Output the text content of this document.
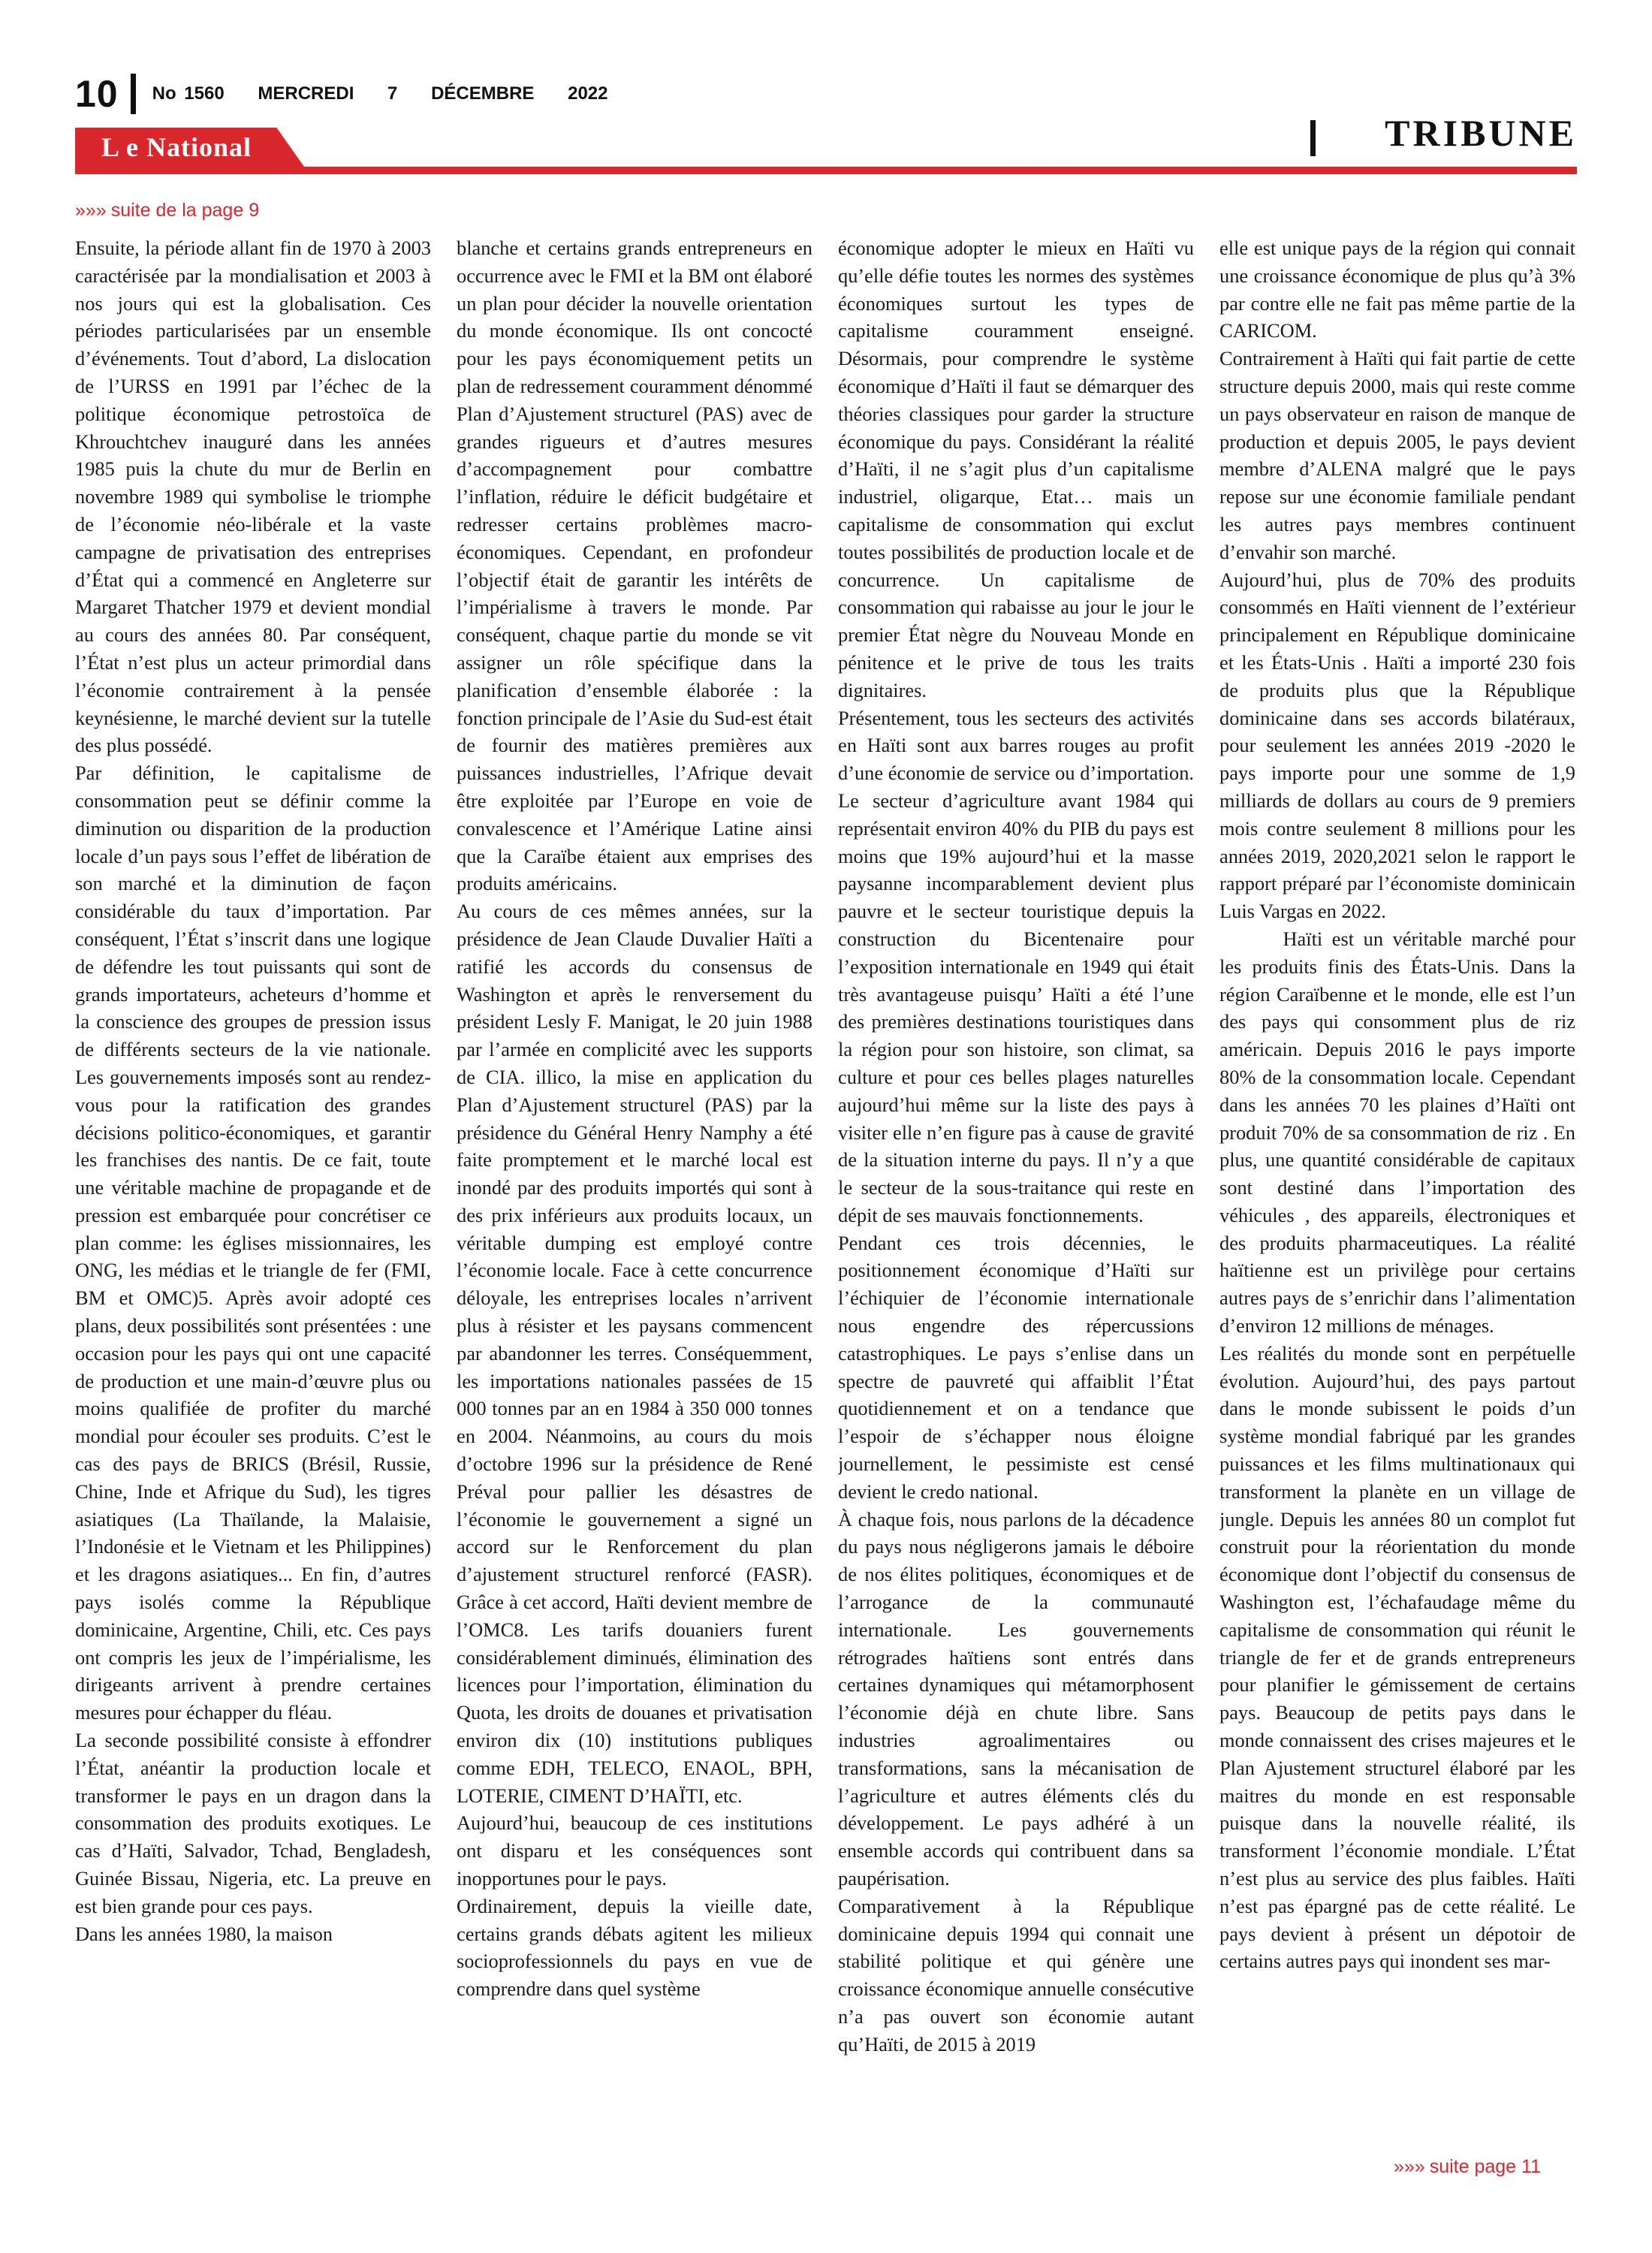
10 No 1560 MERCREDI 7 DÉCEMBRE 2022
L e National	TRIBUNE
»»» suite de la page 9

Ensuite, la période allant fin de 1970 à 2003 caractérisée par la mondialisation et 2003 à nos jours qui est la globalisation. Ces périodes particularisées par un ensemble d’événements. Tout d’abord, La dislocation de l’URSS en 1991 par l’échec de la politique économique petrostoïca de Khrouchtchev inauguré dans les années 1985 puis la chute du mur de Berlin en novembre 1989 qui symbolise le triomphe de l’économie néo-libérale et la vaste campagne de privatisation des entreprises d’État qui a commencé en Angleterre sur Margaret Thatcher 1979 et devient mondial au cours des années 80. Par conséquent, l’État n’est plus un acteur primordial dans l’économie contrairement à la pensée keynésienne, le marché devient sur la tutelle des plus possédé.

Par définition, le capitalisme de consommation peut se définir comme la diminution ou disparition de la production locale d’un pays sous l’effet de libération de son marché et la diminution de façon considérable du taux d’importation. Par conséquent, l’État s’inscrit dans une logique de défendre les tout puissants qui sont de grands importateurs, acheteurs d’homme et la conscience des groupes de pression issus de différents secteurs de la vie nationale. Les gouvernements imposés sont au rendez-vous pour la ratification des grandes décisions politico-économiques, et garantir les franchises des nantis. De ce fait, toute une véritable machine de propagande et de pression est embarquée pour concrétiser ce plan comme: les églises missionnaires, les ONG, les médias et le triangle de fer (FMI, BM et OMC)5. Après avoir adopté ces plans, deux possibilités sont présentées : une occasion pour les pays qui ont une capacité de production et une main-d’œuvre plus ou moins qualifiée de profiter du marché mondial pour écouler ses produits. C’est le cas des pays de BRICS (Brésil, Russie, Chine, Inde et Afrique du Sud), les tigres asiatiques (La Thaïlande, la Malaisie, l’Indonésie et le Vietnam et les Philippines) et les dragons asiatiques... En fin, d’autres pays isolés comme la République dominicaine, Argentine, Chili, etc. Ces pays ont compris les jeux de l’impérialisme, les dirigeants arrivent à prendre certaines mesures pour échapper du fléau.

La seconde possibilité consiste à effondrer l’État, anéantir la production locale et transformer le pays en un dragon dans la consommation des produits exotiques. Le cas d’Haïti, Salvador, Tchad, Bengladesh, Guinée Bissau, Nigeria, etc. La preuve en est bien grande pour ces pays.

Dans les années 1980, la maison

blanche et certains grands entrepreneurs en occurrence avec le FMI et la BM ont élaboré un plan pour décider la nouvelle orientation du monde économique. Ils ont concocté pour les pays économiquement petits un plan de redressement couramment dénommé Plan d’Ajustement structurel (PAS) avec de grandes rigueurs et d’autres mesures d’accompagnement pour combattre l’inflation, réduire le déficit budgétaire et redresser certains problèmes macro-économiques. Cependant, en profondeur l’objectif était de garantir les intérêts de l’impérialisme à travers le monde. Par conséquent, chaque partie du monde se vit assigner un rôle spécifique dans la planification d’ensemble élaborée : la fonction principale de l’Asie du Sud-est était de fournir des matières premières aux puissances industrielles, l’Afrique devait être exploitée par l’Europe en voie de convalescence et l’Amérique Latine ainsi que la Caraïbe étaient aux emprises des produits américains.

Au cours de ces mêmes années, sur la présidence de Jean Claude Duvalier Haïti a ratifié les accords du consensus de Washington et après le renversement du président Lesly F. Manigat, le 20 juin 1988 par l’armée en complicité avec les supports de CIA. illico, la mise en application du Plan d’Ajustement structurel (PAS) par la présidence du Général Henry Namphy a été faite promptement et le marché local est inondé par des produits importés qui sont à des prix inférieurs aux produits locaux, un véritable dumping est employé contre l’économie locale. Face à cette concurrence déloyale, les entreprises locales n’arrivent plus à résister et les paysans commencent par abandonner les terres. Conséquemment, les importations nationales passées de 15 000 tonnes par an en 1984 à 350 000 tonnes en 2004. Néanmoins, au cours du mois d’octobre 1996 sur la présidence de René Préval pour pallier les désastres de l’économie le gouvernement a signé un accord sur le Renforcement du plan d’ajustement structurel renforcé (FASR). Grâce à cet accord, Haïti devient membre de l’OMC8. Les tarifs douaniers furent considérablement diminués, élimination des licences pour l’importation, élimination du Quota, les droits de douanes et privatisation environ dix (10) institutions publiques comme EDH, TELECO, ENAOL, BPH, LOTERIE, CIMENT D’HAÏTI, etc.

Aujourd’hui, beaucoup de ces institutions ont disparu et les conséquences sont inopportunes pour le pays.

Ordinairement, depuis la vieille date, certains grands débats agitent les milieux socioprofessionnels du pays en vue de comprendre dans quel système

économique adopter le mieux en Haïti vu qu’elle défie toutes les normes des systèmes économiques surtout les types de capitalisme couramment enseigné. Désormais, pour comprendre le système économique d’Haïti il faut se démarquer des théories classiques pour garder la structure économique du pays. Considérant la réalité d’Haïti, il ne s’agit plus d’un capitalisme industriel, oligarque, Etat… mais un capitalisme de consommation qui exclut toutes possibilités de production locale et de concurrence. Un capitalisme de consommation qui rabaisse au jour le jour le premier État nègre du Nouveau Monde en pénitence et le prive de tous les traits dignitaires.

Présentement, tous les secteurs des activités en Haïti sont aux barres rouges au profit d’une économie de service ou d’importation. Le secteur d’agriculture avant 1984 qui représentait environ 40% du PIB du pays est moins que 19% aujourd’hui et la masse paysanne incomparablement devient plus pauvre et le secteur touristique depuis la construction du Bicentenaire pour l’exposition internationale en 1949 qui était très avantageuse puisqu’ Haïti a été l’une des premières destinations touristiques dans la région pour son histoire, son climat, sa culture et pour ces belles plages naturelles aujourd’hui même sur la liste des pays à visiter elle n’en figure pas à cause de gravité de la situation interne du pays. Il n’y a que le secteur de la sous-traitance qui reste en dépit de ses mauvais fonctionnements.

Pendant ces trois décennies, le positionnement économique d’Haïti sur l’échiquier de l’économie internationale nous engendre des répercussions catastrophiques. Le pays s’enlise dans un spectre de pauvreté qui affaiblit l’État quotidiennement et on a tendance que l’espoir de s’échapper nous éloigne journellement, le pessimiste est censé devient le credo national.

À chaque fois, nous parlons de la décadence du pays nous négligerons jamais le déboire de nos élites politiques, économiques et de l’arrogance de la communauté internationale. Les gouvernements rétrogrades haïtiens sont entrés dans certaines dynamiques qui métamorphosent l’économie déjà en chute libre. Sans industries agroalimentaires ou transformations, sans la mécanisation de l’agriculture et autres éléments clés du développement. Le pays adhéré à un ensemble accords qui contribuent dans sa paupérisation.

Comparativement à la République dominicaine depuis 1994 qui connait une stabilité politique et qui génère une croissance économique annuelle consécutive n’a pas ouvert son économie autant qu’Haïti, de 2015 à 2019

elle est unique pays de la région qui connait une croissance économique de plus qu’à 3% par contre elle ne fait pas même partie de la CARICOM.

Contrairement à Haïti qui fait partie de cette structure depuis 2000, mais qui reste comme un pays observateur en raison de manque de production et depuis 2005, le pays devient membre d’ALENA malgré que le pays repose sur une économie familiale pendant les autres pays membres continuent d’envahir son marché.

Aujourd’hui, plus de 70% des produits consommés en Haïti viennent de l’extérieur principalement en République dominicaine et les États-Unis . Haïti a importé 230 fois de produits plus que la République dominicaine dans ses accords bilatéraux, pour seulement les années 2019 -2020 le pays importe pour une somme de 1,9 milliards de dollars au cours de 9 premiers mois contre seulement 8 millions pour les années 2019, 2020,2021 selon le rapport le rapport préparé par l’économiste dominicain Luis Vargas en 2022.

Haïti est un véritable marché pour les produits finis des États-Unis. Dans la région Caraïbenne et le monde, elle est l’un des pays qui consomment plus de riz américain. Depuis 2016 le pays importe 80% de la consommation locale. Cependant dans les années 70 les plaines d’Haïti ont produit 70% de sa consommation de riz . En plus, une quantité considérable de capitaux sont destiné dans l’importation des véhicules , des appareils, électroniques et des produits pharmaceutiques. La réalité haïtienne est un privilège pour certains autres pays de s’enrichir dans l’alimentation d’environ 12 millions de ménages.

Les réalités du monde sont en perpétuelle évolution. Aujourd’hui, des pays partout dans le monde subissent le poids d’un système mondial fabriqué par les grandes puissances et les films multinationaux qui transforment la planète en un village de jungle. Depuis les années 80 un complot fut construit pour la réorientation du monde économique dont l’objectif du consensus de Washington est, l’échafaudage même du capitalisme de consommation qui réunit le triangle de fer et de grands entrepreneurs pour planifier le gémissement de certains pays. Beaucoup de petits pays dans le monde connaissent des crises majeures et le Plan Ajustement structurel élaboré par les maitres du monde en est responsable puisque dans la nouvelle réalité, ils transforment l’économie mondiale. L’État n’est plus au service des plus faibles. Haïti n’est pas épargné pas de cette réalité. Le pays devient à présent un dépotoir de certains autres pays qui inondent ses mar-

»»» suite page 11
